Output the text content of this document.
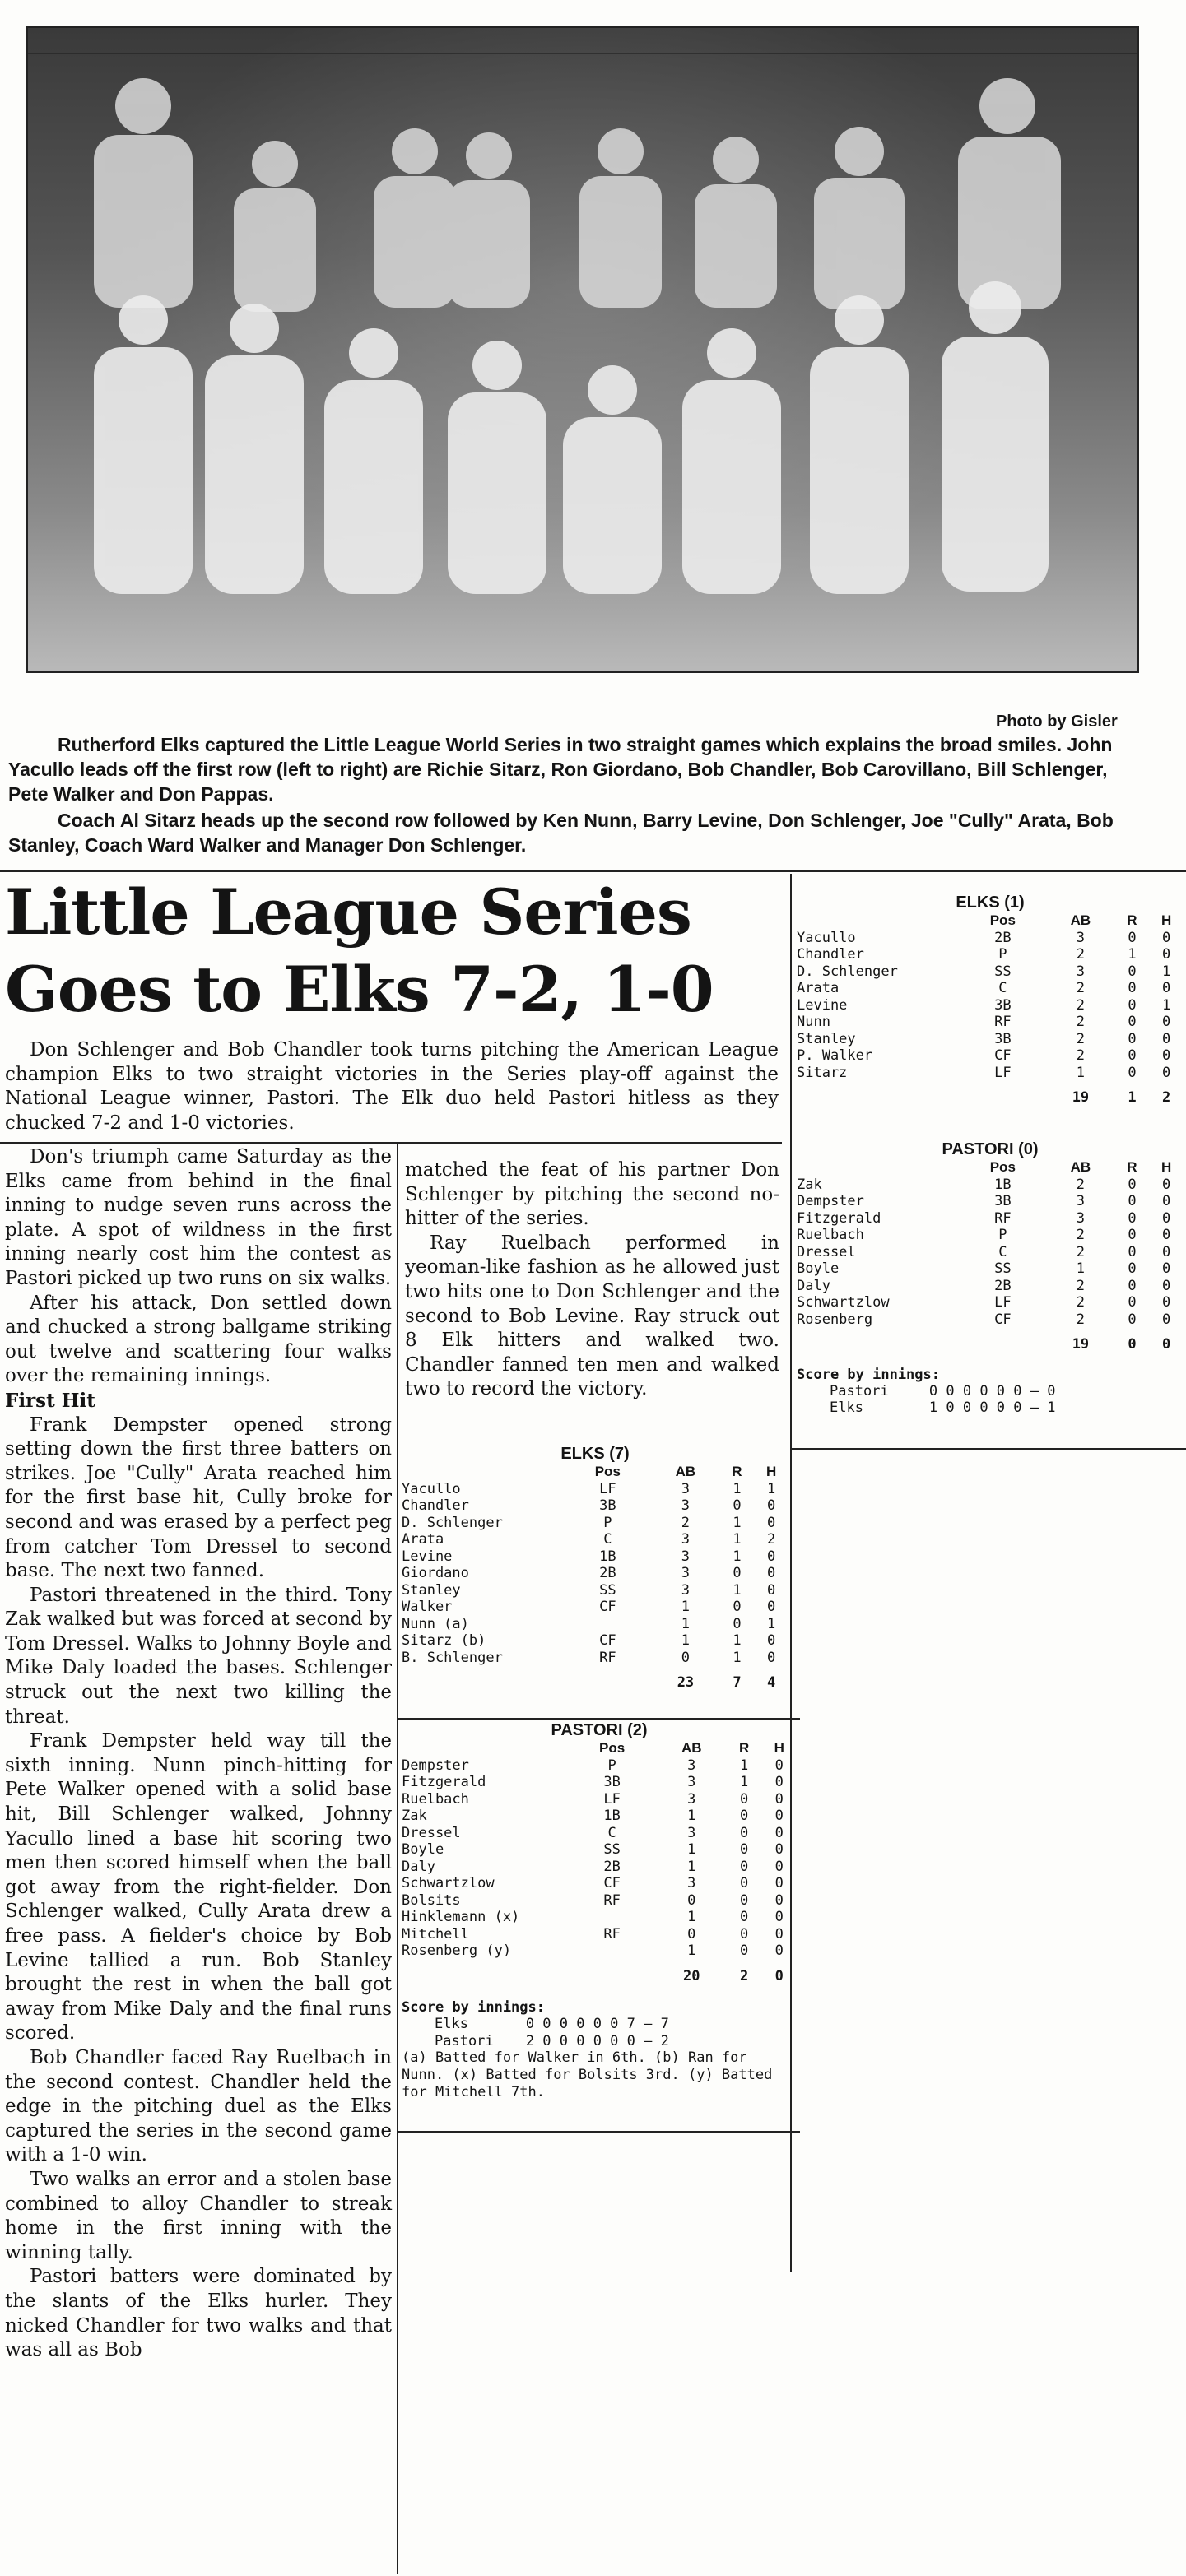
Photo by Gisler

Rutherford Elks captured the Little League World Series in two straight games which explains the broad smiles. John Yacullo leads off the first row (left to right) are Richie Sitarz, Ron Giordano, Bob Chandler, Bob Carovillano, Bill Schlenger, Pete Walker and Don Pappas.

Coach Al Sitarz heads up the second row followed by Ken Nunn, Barry Levine, Don Schlenger, Joe "Cully" Arata, Bob Stanley, Coach Ward Walker and Manager Don Schlenger.

Little League Series
Goes to Elks 7-2, 1-0

Don Schlenger and Bob Chandler took turns pitching the American League champion Elks to two straight victories in the Series play-off against the National League winner, Pastori. The Elk duo held Pastori hitless as they chucked 7-2 and 1-0 victories.

Don's triumph came Saturday as the Elks came from behind in the final inning to nudge seven runs across the plate. A spot of wildness in the first inning nearly cost him the contest as Pastori picked up two runs on six walks.

After his attack, Don settled down and chucked a strong ballgame striking out twelve and scattering four walks over the remaining innings.

First Hit

Frank Dempster opened strong setting down the first three batters on strikes. Joe "Cully" Arata reached him for the first base hit, Cully broke for second and was erased by a perfect peg from catcher Tom Dressel to second base. The next two fanned.

Pastori threatened in the third. Tony Zak walked but was forced at second by Tom Dressel. Walks to Johnny Boyle and Mike Daly loaded the bases. Schlenger struck out the next two killing the threat.

Frank Dempster held way till the sixth inning. Nunn pinch-hitting for Pete Walker opened with a solid base hit, Bill Schlenger walked, Johnny Yacullo lined a base hit scoring two men then scored himself when the ball got away from the right-fielder. Don Schlenger walked, Cully Arata drew a free pass. A fielder's choice by Bob Levine tallied a run. Bob Stanley brought the rest in when the ball got away from Mike Daly and the final runs scored.

Bob Chandler faced Ray Ruelbach in the second contest. Chandler held the edge in the pitching duel as the Elks captured the series in the second game with a 1-0 win.

Two walks an error and a stolen base combined to alloy Chandler to streak home in the first inning with the winning tally.

Pastori batters were dominated by the slants of the Elks hurler. They nicked Chandler for two walks and that was all as Bob

matched the feat of his partner Don Schlenger by pitching the second no-hitter of the series.

Ray Ruelbach performed in yeoman-like fashion as he allowed just two hits one to Don Schlenger and the second to Bob Levine. Ray struck out 8 Elk hitters and walked two. Chandler fanned ten men and walked two to record the victory.

ELKS (7)
	Pos	AB	R	H
Yacullo	LF	3	1	1
Chandler	3B	3	0	0
D. Schlenger	P	2	1	0
Arata	C	3	1	2
Levine	1B	3	1	0
Giordano	2B	3	0	0
Stanley	SS	3	1	0
Walker	CF	1	0	0
Nunn (a)		1	0	1
Sitarz (b)	CF	1	1	0
B. Schlenger	RF	0	1	0
		23	7	4
PASTORI (2)
	Pos	AB	R	H
Dempster	P	3	1	0
Fitzgerald	3B	3	1	0
Ruelbach	LF	3	0	0
Zak	1B	1	0	0
Dressel	C	3	0	0
Boyle	SS	1	0	0
Daly	2B	1	0	0
Schwartzlow	CF	3	0	0
Bolsits	RF	0	0	0
Hinklemann (x)		1	0	0
Mitchell	RF	0	0	0
Rosenberg (y)		1	0	0
		20	2	0
Score by innings:
Elks	0 0 0 0 0 0 7 — 7
Pastori	2 0 0 0 0 0 0 — 2
(a) Batted for Walker in 6th. (b) Ran for Nunn. (x) Batted for Bolsits 3rd. (y) Batted for Mitchell 7th.
ELKS (1)
	Pos	AB	R	H
Yacullo	2B	3	0	0
Chandler	P	2	1	0
D. Schlenger	SS	3	0	1
Arata	C	2	0	0
Levine	3B	2	0	1
Nunn	RF	2	0	0
Stanley	3B	2	0	0
P. Walker	CF	2	0	0
Sitarz	LF	1	0	0
		19	1	2
PASTORI (0)
	Pos	AB	R	H
Zak	1B	2	0	0
Dempster	3B	3	0	0
Fitzgerald	RF	3	0	0
Ruelbach	P	2	0	0
Dressel	C	2	0	0
Boyle	SS	1	0	0
Daly	2B	2	0	0
Schwartzlow	LF	2	0	0
Rosenberg	CF	2	0	0
		19	0	0
Score by innings:
Pastori	0 0 0 0 0 0 — 0
Elks	1 0 0 0 0 0 — 1
